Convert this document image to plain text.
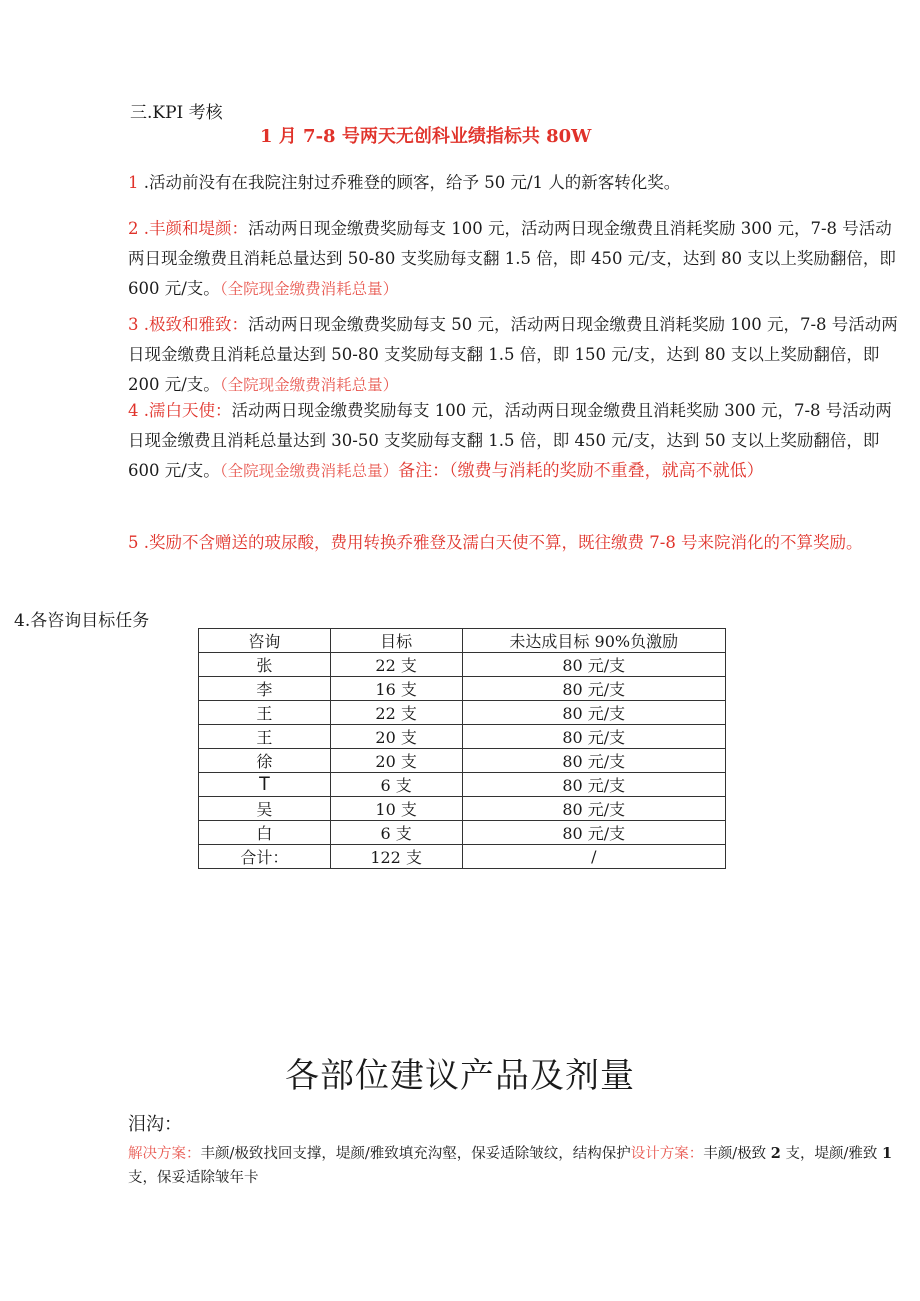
三.KPI 考核
1 月 7-8 号两天无创科业绩指标共 80W
1 .活动前没有在我院注射过乔雅登的顾客，给予 50 元/1 人的新客转化奖。
2 .丰颜和堤颜：活动两日现金缴费奖励每支 100 元，活动两日现金缴费且消耗奖励 300 元，7-8 号活动两日现金缴费且消耗总量达到 50-80 支奖励每支翻 1.5 倍，即 450 元/支，达到 80 支以上奖励翻倍，即 600 元/支。（全院现金缴费消耗总量）
3 .极致和雅致：活动两日现金缴费奖励每支 50 元，活动两日现金缴费且消耗奖励 100 元，7-8 号活动两日现金缴费且消耗总量达到 50-80 支奖励每支翻 1.5 倍，即 150 元/支，达到 80 支以上奖励翻倍，即 200 元/支。（全院现金缴费消耗总量）
4 .濡白天使：活动两日现金缴费奖励每支 100 元，活动两日现金缴费且消耗奖励 300 元，7-8 号活动两日现金缴费且消耗总量达到 30-50 支奖励每支翻 1.5 倍，即 450 元/支，达到 50 支以上奖励翻倍，即 600 元/支。（全院现金缴费消耗总量）备注：（缴费与消耗的奖励不重叠，就高不就低）
5 .奖励不含赠送的玻尿酸，费用转换乔雅登及濡白天使不算，既往缴费 7-8 号来院消化的不算奖励。
4.各咨询目标任务
咨询	目标	未达成目标 90%负激励
张	22 支	80 元/支
李	16 支	80 元/支
王	22 支	80 元/支
王	20 支	80 元/支
徐	20 支	80 元/支
T	6 支	80 元/支
吴	10 支	80 元/支
白	6 支	80 元/支
合计：	122 支	/
各部位建议产品及剂量
泪沟：
解决方案：丰颜/极致找回支撑，堤颜/雅致填充沟壑，保妥适除皱纹，结构保护设计方案：丰颜/极致 2 支，堤颜/雅致 1 支，保妥适除皱年卡
